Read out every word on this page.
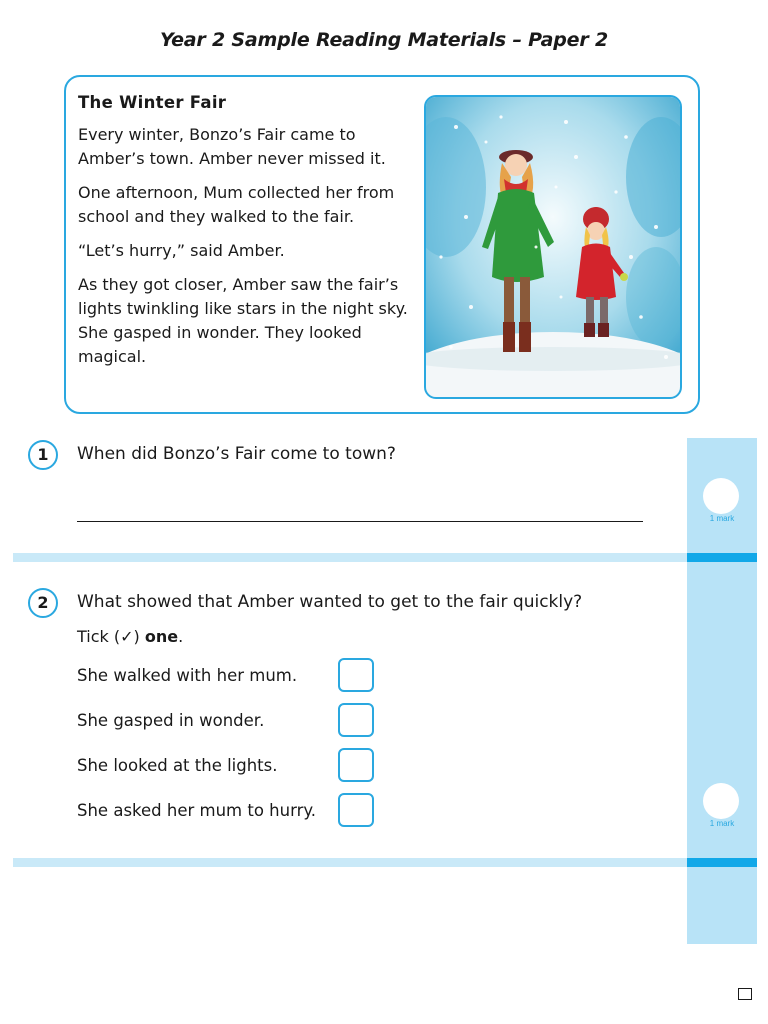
Year 2 Sample Reading Materials – Paper 2

The Winter Fair

Every winter, Bonzo’s Fair came to Amber’s town. Amber never missed it.

One afternoon, Mum collected her from school and they walked to the fair.

“Let’s hurry,” said Amber.

As they got closer, Amber saw the fair’s lights twinkling like stars in the night sky. She gasped in wonder. They looked magical.

1	When did Bonzo’s Fair come to town?
1 mark
2	What showed that Amber wanted to get to the fair quickly?
Tick (✓) one.
She walked with her mum.
She gasped in wonder.
She looked at the lights.
She asked her mum to hurry.
1 mark
